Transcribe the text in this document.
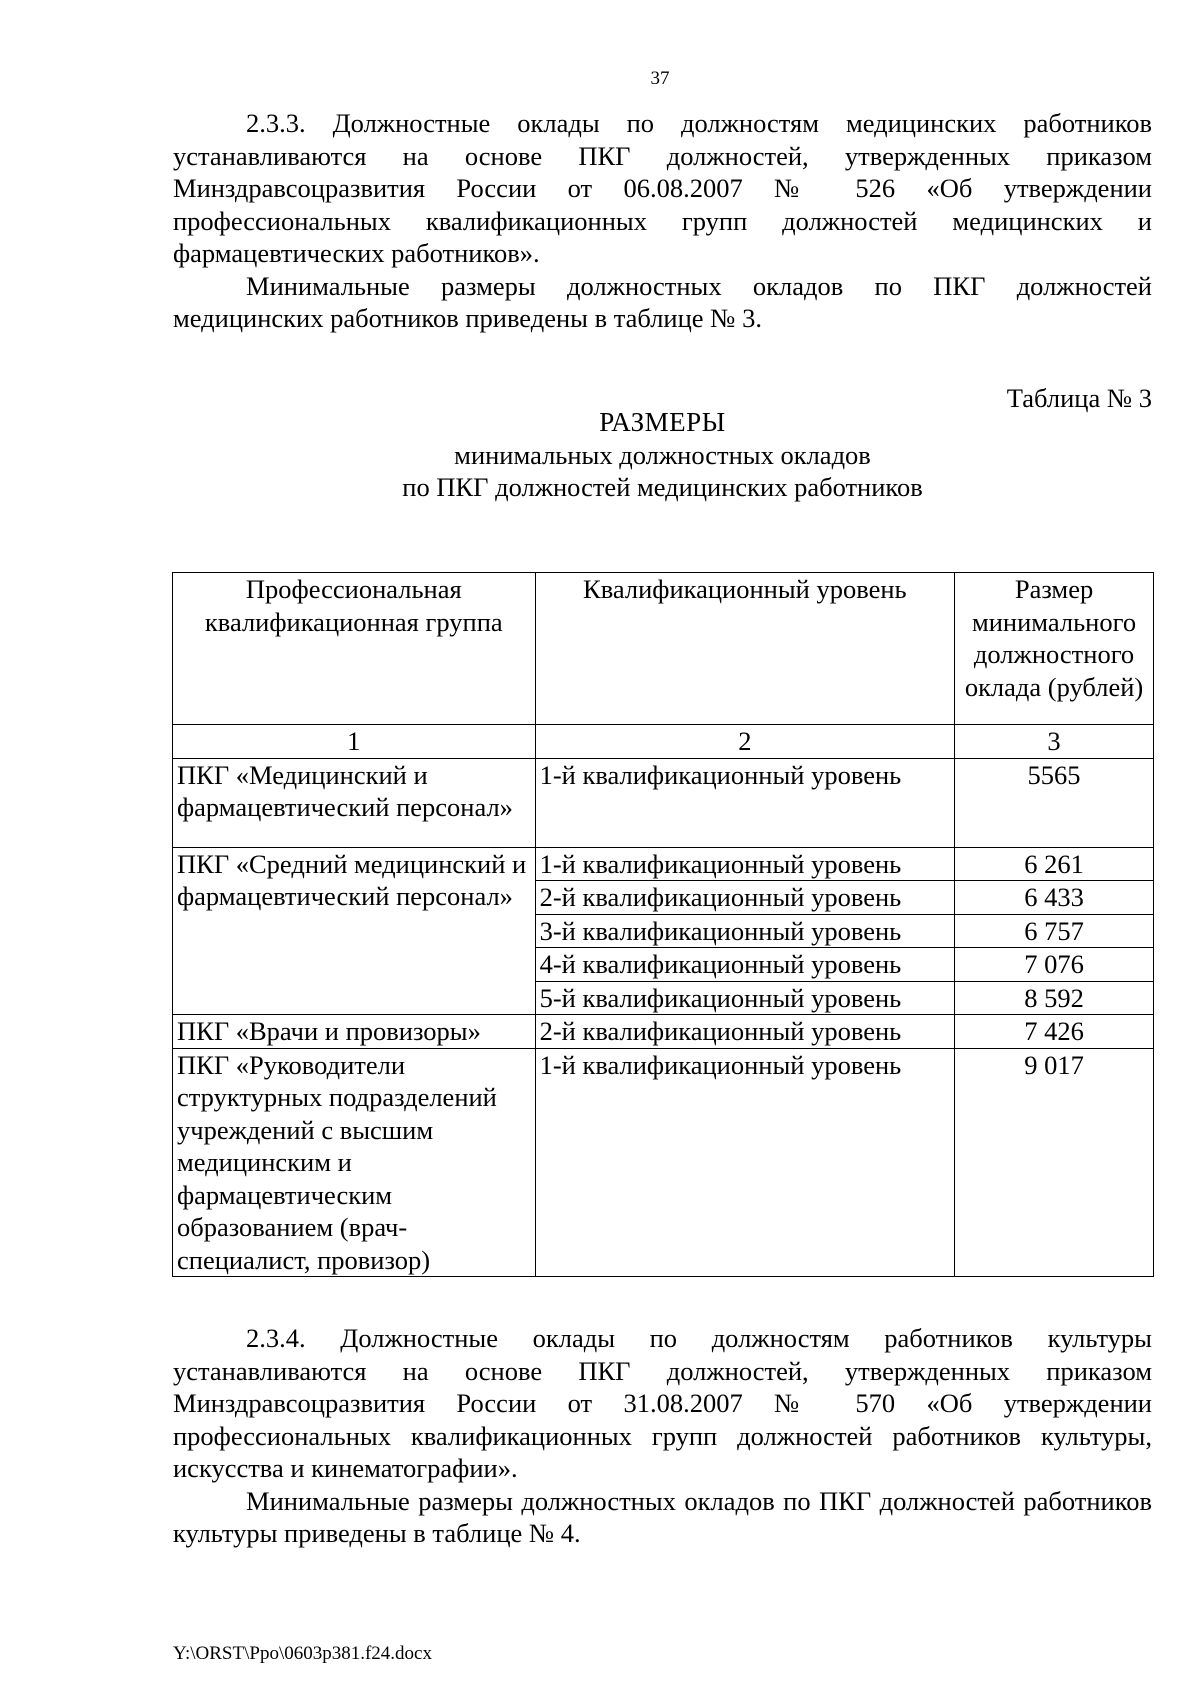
37

2.3.3. Должностные оклады по должностям медицинских работников устанавливаются на основе ПКГ должностей, утвержденных приказом Минздравсоцразвития России от 06.08.2007 № 526 «Об утверждении профессиональных квалификационных групп должностей медицинских и фармацевтических работников».

Минимальные размеры должностных окладов по ПКГ должностей медицинских работников приведены в таблице № 3.

Таблица № 3
РАЗМЕРЫ
минимальных должностных окладов
по ПКГ должностей медицинских работников
Профессиональная квалификационная группа	Квалификационный уровень	Размер минимального должностного оклада (рублей)
1	2	3
ПКГ «Медицинский и фармацевтический персонал»	1-й квалификационный уровень	5565
ПКГ «Средний медицинский и фармацевтический персонал»	1-й квалификационный уровень	6 261
	2-й квалификационный уровень	6 433
	3-й квалификационный уровень	6 757
	4-й квалификационный уровень	7 076
	5-й квалификационный уровень	8 592
ПКГ «Врачи и провизоры»	2-й квалификационный уровень	7 426
ПКГ «Руководители структурных подразделений учреждений с высшим медицинским и фармацевтическим образованием (врач-специалист, провизор)	1-й квалификационный уровень	9 017

2.3.4. Должностные оклады по должностям работников культуры устанавливаются на основе ПКГ должностей, утвержденных приказом Минздравсоцразвития России от 31.08.2007 № 570 «Об утверждении профессиональных квалификационных групп должностей работников культуры, искусства и кинематографии».

Минимальные размеры должностных окладов по ПКГ должностей работников культуры приведены в таблице № 4.

Y:\ORST\Ppo\0603p381.f24.docx
